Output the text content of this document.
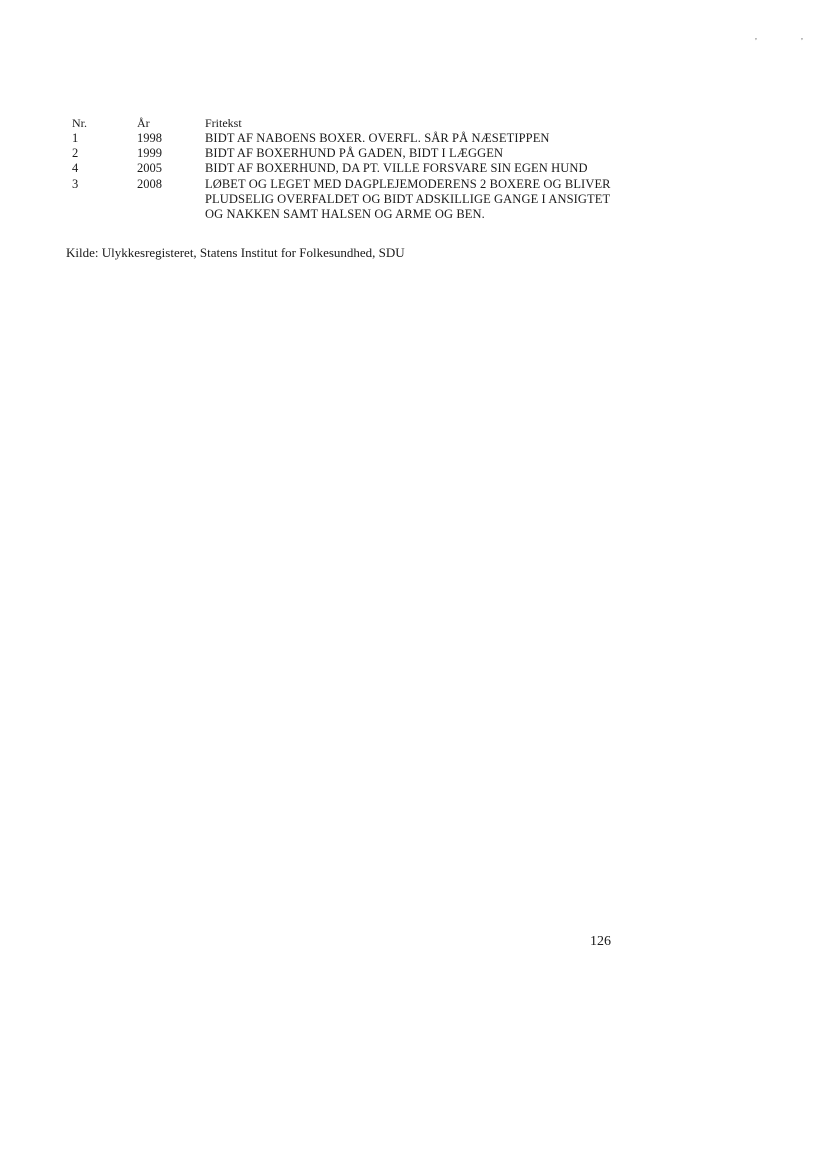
,	,
Nr.	År	Fritekst
1	1998	BIDT AF NABOENS BOXER. OVERFL. SÅR PÅ NÆSETIPPEN
2	1999	BIDT AF BOXERHUND PÅ GADEN, BIDT I LÆGGEN
4	2005	BIDT AF BOXERHUND, DA PT. VILLE FORSVARE SIN EGEN HUND
3	2008	LØBET OG LEGET MED DAGPLEJEMODERENS 2 BOXERE OG BLIVER PLUDSELIG OVERFALDET OG BIDT ADSKILLIGE GANGE I ANSIGTET OG NAKKEN SAMT HALSEN OG ARME OG BEN.
Kilde: Ulykkesregisteret, Statens Institut for Folkesundhed, SDU
126
